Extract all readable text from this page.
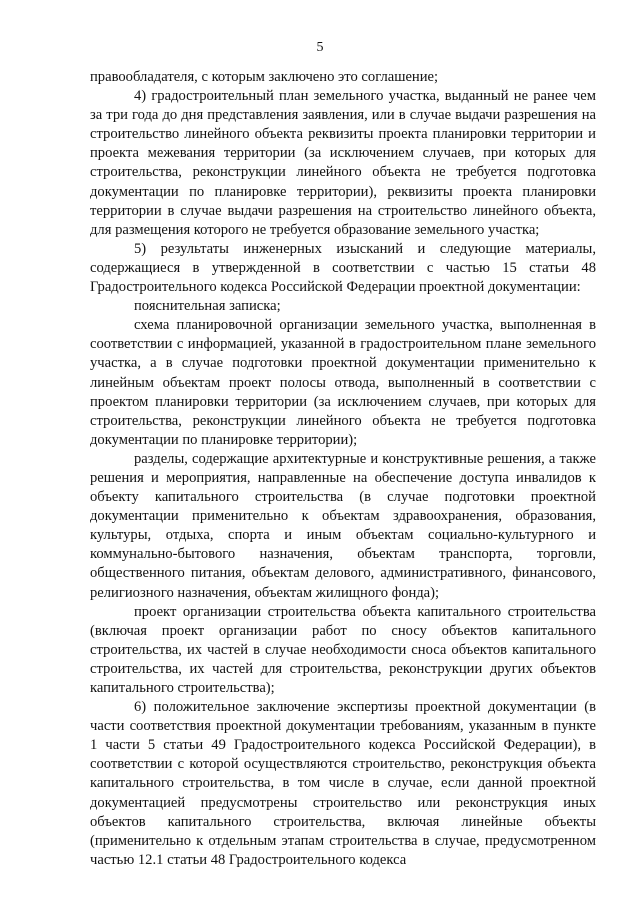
5

правообладателя, с которым заключено это соглашение;

4) градостроительный план земельного участка, выданный не ранее чем за три года до дня представления заявления, или в случае выдачи разрешения на строительство линейного объекта реквизиты проекта планировки территории и проекта межевания территории (за исключением случаев, при которых для строительства, реконструкции линейного объекта не требуется подготовка документации по планировке территории), реквизиты проекта планировки территории в случае выдачи разрешения на строительство линейного объекта, для размещения которого не требуется образование земельного участка;

5) результаты инженерных изысканий и следующие материалы, содержащиеся в утвержденной в соответствии с частью 15 статьи 48 Градостроительного кодекса Российской Федерации проектной документации:

пояснительная записка;

схема планировочной организации земельного участка, выполненная в соответствии с информацией, указанной в градостроительном плане земельного участка, а в случае подготовки проектной документации применительно к линейным объектам проект полосы отвода, выполненный в соответствии с проектом планировки территории (за исключением случаев, при которых для строительства, реконструкции линейного объекта не требуется подготовка документации по планировке территории);

разделы, содержащие архитектурные и конструктивные решения, а также решения и мероприятия, направленные на обеспечение доступа инвалидов к объекту капитального строительства (в случае подготовки проектной документации применительно к объектам здравоохранения, образования, культуры, отдыха, спорта и иным объектам социально-культурного и коммунально-бытового назначения, объектам транспорта, торговли, общественного питания, объектам делового, административного, финансового, религиозного назначения, объектам жилищного фонда);

проект организации строительства объекта капитального строительства (включая проект организации работ по сносу объектов капитального строительства, их частей в случае необходимости сноса объектов капитального строительства, их частей для строительства, реконструкции других объектов капитального строительства);

6) положительное заключение экспертизы проектной документации (в части соответствия проектной документации требованиям, указанным в пункте 1 части 5 статьи 49 Градостроительного кодекса Российской Федерации), в соответствии с которой осуществляются строительство, реконструкция объекта капитального строительства, в том числе в случае, если данной проектной документацией предусмотрены строительство или реконструкция иных объектов капитального строительства, включая линейные объекты (применительно к отдельным этапам строительства в случае, предусмотренном частью 12.1 статьи 48 Градостроительного кодекса
